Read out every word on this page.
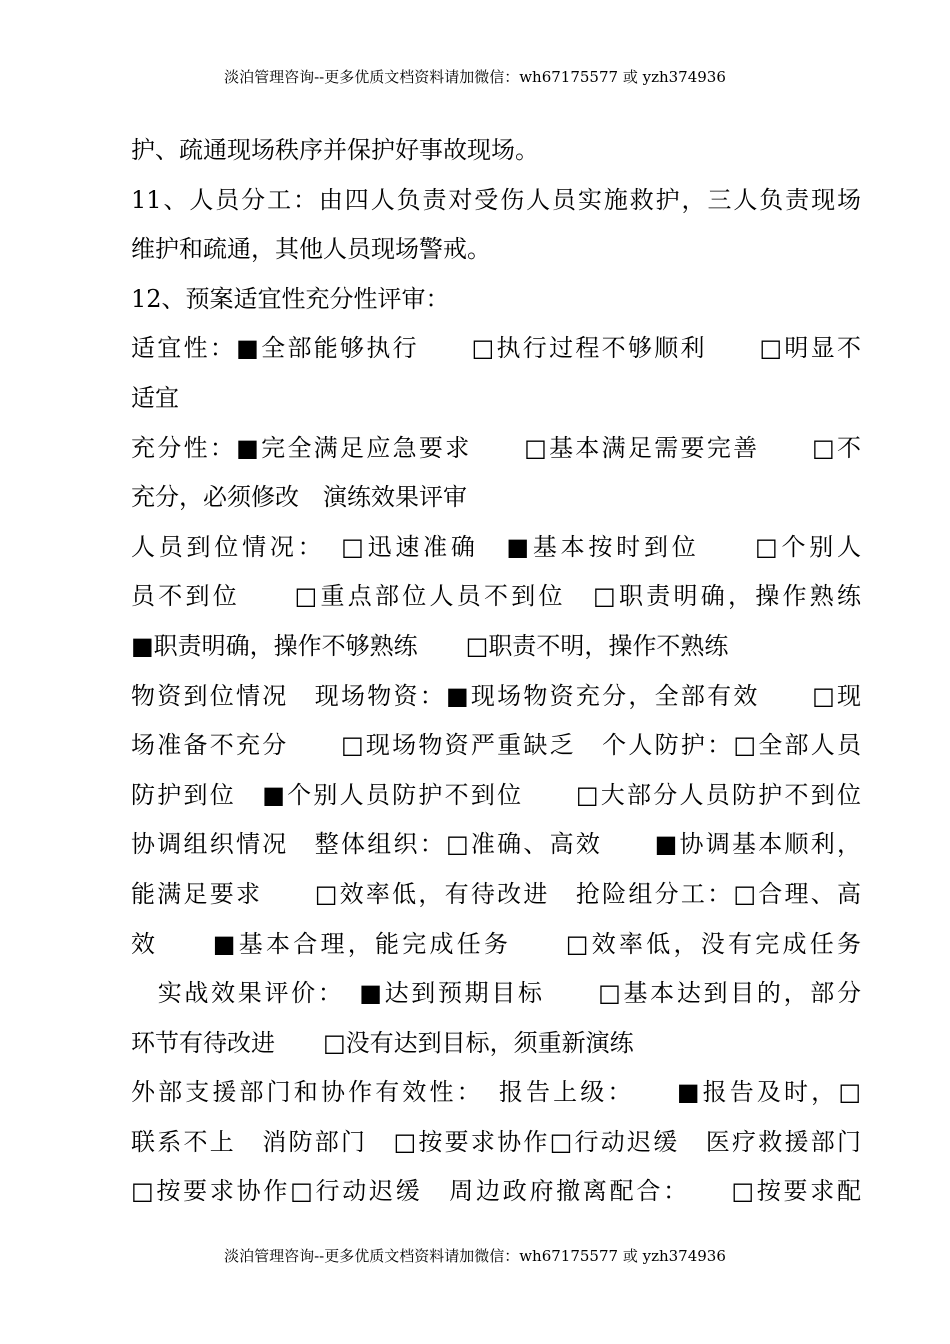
淡泊管理咨询--更多优质文档资料请加微信：wh67175577 或 yzh374936
护、疏通现场秩序并保护好事故现场。
11、人员分工：由四人负责对受伤人员实施救护，三人负责现场
维护和疏通，其他人员现场警戒。
12、预案适宜性充分性评审：
适宜性：■全部能够执行　　□执行过程不够顺利　　□明显不
适宜
充分性：■完全满足应急要求　　□基本满足需要完善　　□不
充分，必须修改　演练效果评审
人员到位情况：　□迅速准确　■基本按时到位　　□个别人
员不到位　　□重点部位人员不到位　□职责明确，操作熟练
■职责明确，操作不够熟练　　□职责不明，操作不熟练
物资到位情况　现场物资：■现场物资充分，全部有效　　□现
场准备不充分　　□现场物资严重缺乏　个人防护：□全部人员
防护到位　■个别人员防护不到位　　□大部分人员防护不到位
协调组织情况　整体组织：□准确、高效　　■协调基本顺利，
能满足要求　　□效率低，有待改进　抢险组分工：□合理、高
效　　■基本合理，能完成任务　　□效率低，没有完成任务
　实战效果评价：　■达到预期目标　　□基本达到目的，部分
环节有待改进　　□没有达到目标，须重新演练
外部支援部门和协作有效性：　报告上级：　　■报告及时，□
联系不上　消防部门　□按要求协作□行动迟缓　医疗救援部门
□按要求协作□行动迟缓　周边政府撤离配合：　　□按要求配
淡泊管理咨询--更多优质文档资料请加微信：wh67175577 或 yzh374936
